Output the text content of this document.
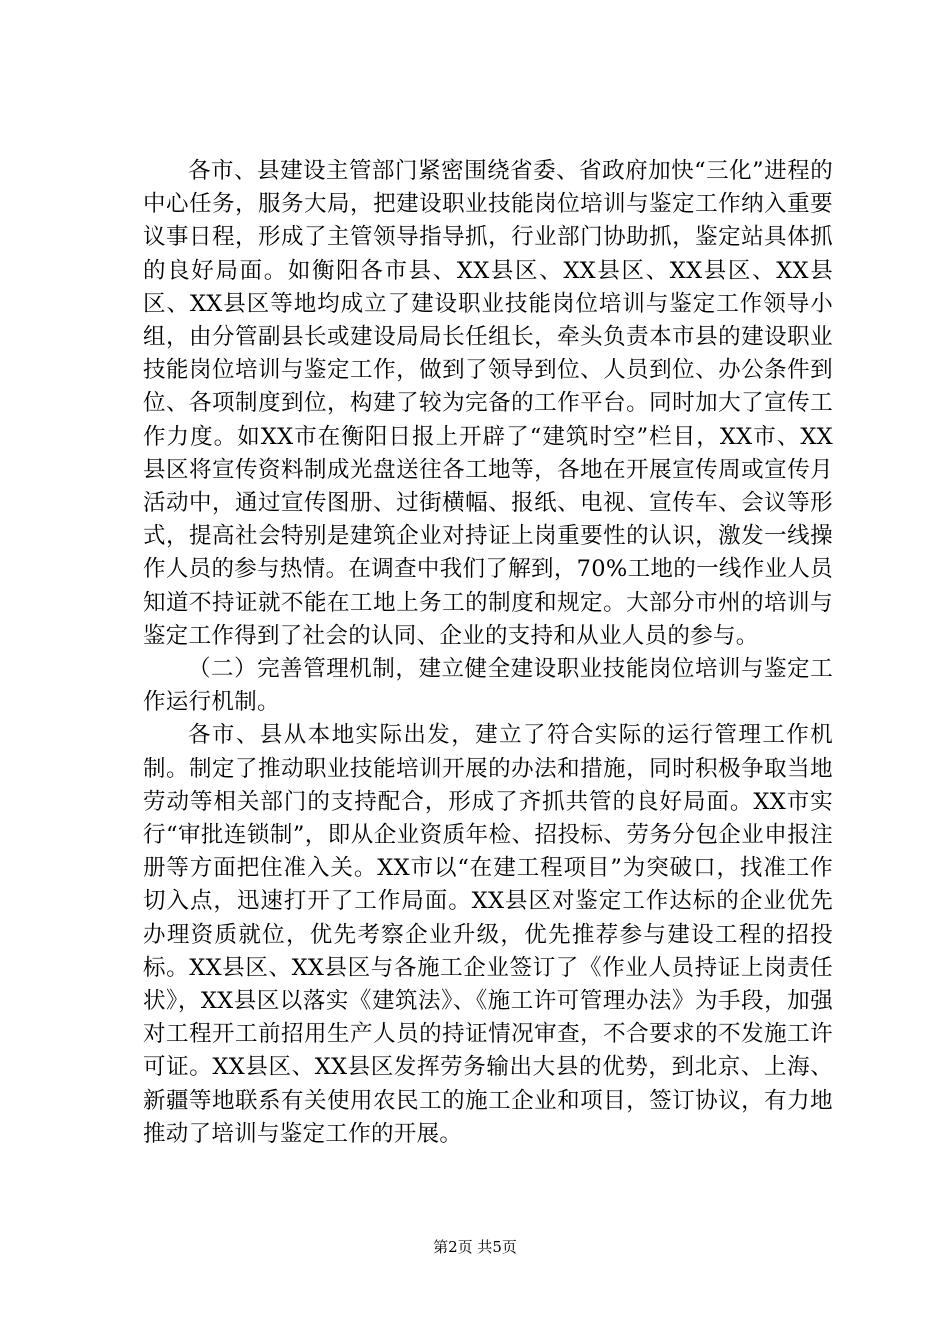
各市、县建设主管部门紧密围绕省委、省政府加快“三化”进程的中心任务，服务大局，把建设职业技能岗位培训与鉴定工作纳入重要议事日程，形成了主管领导指导抓，行业部门协助抓，鉴定站具体抓的良好局面。如衡阳各市县、XX县区、XX县区、XX县区、XX县区、XX县区等地均成立了建设职业技能岗位培训与鉴定工作领导小组，由分管副县长或建设局局长任组长，牵头负责本市县的建设职业技能岗位培训与鉴定工作，做到了领导到位、人员到位、办公条件到位、各项制度到位，构建了较为完备的工作平台。同时加大了宣传工作力度。如XX市在衡阳日报上开辟了“建筑时空”栏目，XX市、XX县区将宣传资料制成光盘送往各工地等，各地在开展宣传周或宣传月活动中，通过宣传图册、过街横幅、报纸、电视、宣传车、会议等形式，提高社会特别是建筑企业对持证上岗重要性的认识，激发一线操作人员的参与热情。在调查中我们了解到，70%工地的一线作业人员知道不持证就不能在工地上务工的制度和规定。大部分市州的培训与鉴定工作得到了社会的认同、企业的支持和从业人员的参与。

（二）完善管理机制，建立健全建设职业技能岗位培训与鉴定工作运行机制。

各市、县从本地实际出发，建立了符合实际的运行管理工作机制。制定了推动职业技能培训开展的办法和措施，同时积极争取当地劳动等相关部门的支持配合，形成了齐抓共管的良好局面。XX市实行“审批连锁制”，即从企业资质年检、招投标、劳务分包企业申报注册等方面把住准入关。XX市以“在建工程项目”为突破口，找准工作切入点，迅速打开了工作局面。XX县区对鉴定工作达标的企业优先办理资质就位，优先考察企业升级，优先推荐参与建设工程的招投标。XX县区、XX县区与各施工企业签订了《作业人员持证上岗责任状》，XX县区以落实《建筑法》、《施工许可管理办法》为手段，加强对工程开工前招用生产人员的持证情况审查，不合要求的不发施工许可证。XX县区、XX县区发挥劳务输出大县的优势，到北京、上海、新疆等地联系有关使用农民工的施工企业和项目，签订协议，有力地推动了培训与鉴定工作的开展。

第2页 共5页
